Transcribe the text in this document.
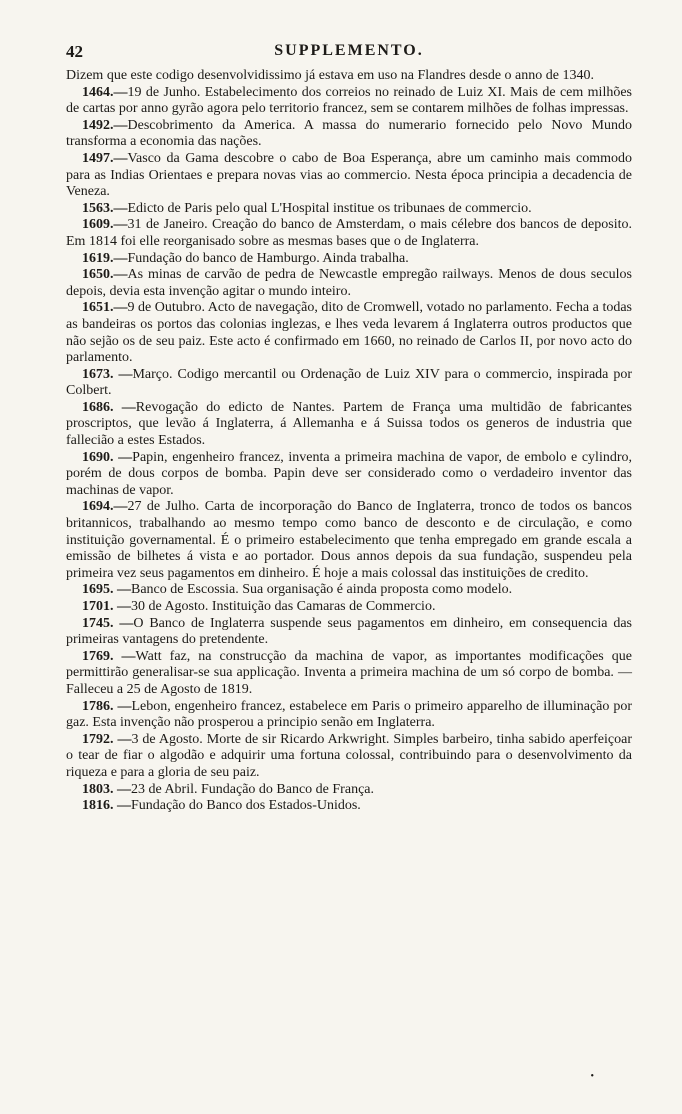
42	SUPPLEMENTO.

Dizem que este codigo desenvolvidissimo já estava em uso na Flandres desde o anno de 1340.

1464.—19 de Junho. Estabelecimento dos correios no reinado de Luiz XI. Mais de cem milhões de cartas por anno gyrão agora pelo territorio francez, sem se contarem milhões de folhas impressas.

1492.—Descobrimento da America. A massa do numerario fornecido pelo Novo Mundo transforma a economia das nações.

1497.—Vasco da Gama descobre o cabo de Boa Esperança, abre um caminho mais commodo para as Indias Orientaes e prepara novas vias ao commercio. Nesta época principia a decadencia de Veneza.

1563.—Edicto de Paris pelo qual L'Hospital institue os tribunaes de commercio.

1609.—31 de Janeiro. Creação do banco de Amsterdam, o mais célebre dos bancos de deposito. Em 1814 foi elle reorganisado sobre as mesmas bases que o de Inglaterra.

1619.—Fundação do banco de Hamburgo. Ainda trabalha.

1650.—As minas de carvão de pedra de Newcastle empregão railways. Menos de dous seculos depois, devia esta invenção agitar o mundo inteiro.

1651.—9 de Outubro. Acto de navegação, dito de Cromwell, votado no parlamento. Fecha a todas as bandeiras os portos das colonias inglezas, e lhes veda levarem á Inglaterra outros productos que não sejão os de seu paiz. Este acto é confirmado em 1660, no reinado de Carlos II, por novo acto do parlamento.

1673. —Março. Codigo mercantil ou Ordenação de Luiz XIV para o commercio, inspirada por Colbert.

1686. —Revogação do edicto de Nantes. Partem de França uma multidão de fabricantes proscriptos, que levão á Inglaterra, á Allemanha e á Suissa todos os generos de industria que fallecião a estes Estados.

1690. —Papin, engenheiro francez, inventa a primeira machina de vapor, de embolo e cylindro, porém de dous corpos de bomba. Papin deve ser considerado como o verdadeiro inventor das machinas de vapor.

1694.—27 de Julho. Carta de incorporação do Banco de Inglaterra, tronco de todos os bancos britannicos, trabalhando ao mesmo tempo como banco de desconto e de circulação, e como instituição governamental. É o primeiro estabelecimento que tenha empregado em grande escala a emissão de bilhetes á vista e ao portador. Dous annos depois da sua fundação, suspendeu pela primeira vez seus pagamentos em dinheiro. É hoje a mais colossal das instituições de credito.

1695. —Banco de Escossia. Sua organisação é ainda proposta como modelo.

1701. —30 de Agosto. Instituição das Camaras de Commercio.

1745. —O Banco de Inglaterra suspende seus pagamentos em dinheiro, em consequencia das primeiras vantagens do pretendente.

1769. —Watt faz, na construcção da machina de vapor, as importantes modificações que permittirão generalisar-se sua applicação. Inventa a primeira machina de um só corpo de bomba. — Falleceu a 25 de Agosto de 1819.

1786. —Lebon, engenheiro francez, estabelece em Paris o primeiro apparelho de illuminação por gaz. Esta invenção não prosperou a principio senão em Inglaterra.

1792. —3 de Agosto. Morte de sir Ricardo Arkwright. Simples barbeiro, tinha sabido aperfeiçoar o tear de fiar o algodão e adquirir uma fortuna colossal, contribuindo para o desenvolvimento da riqueza e para a gloria de seu paiz.

1803. —23 de Abril. Fundação do Banco de França.

1816. —Fundação do Banco dos Estados-Unidos.

•
